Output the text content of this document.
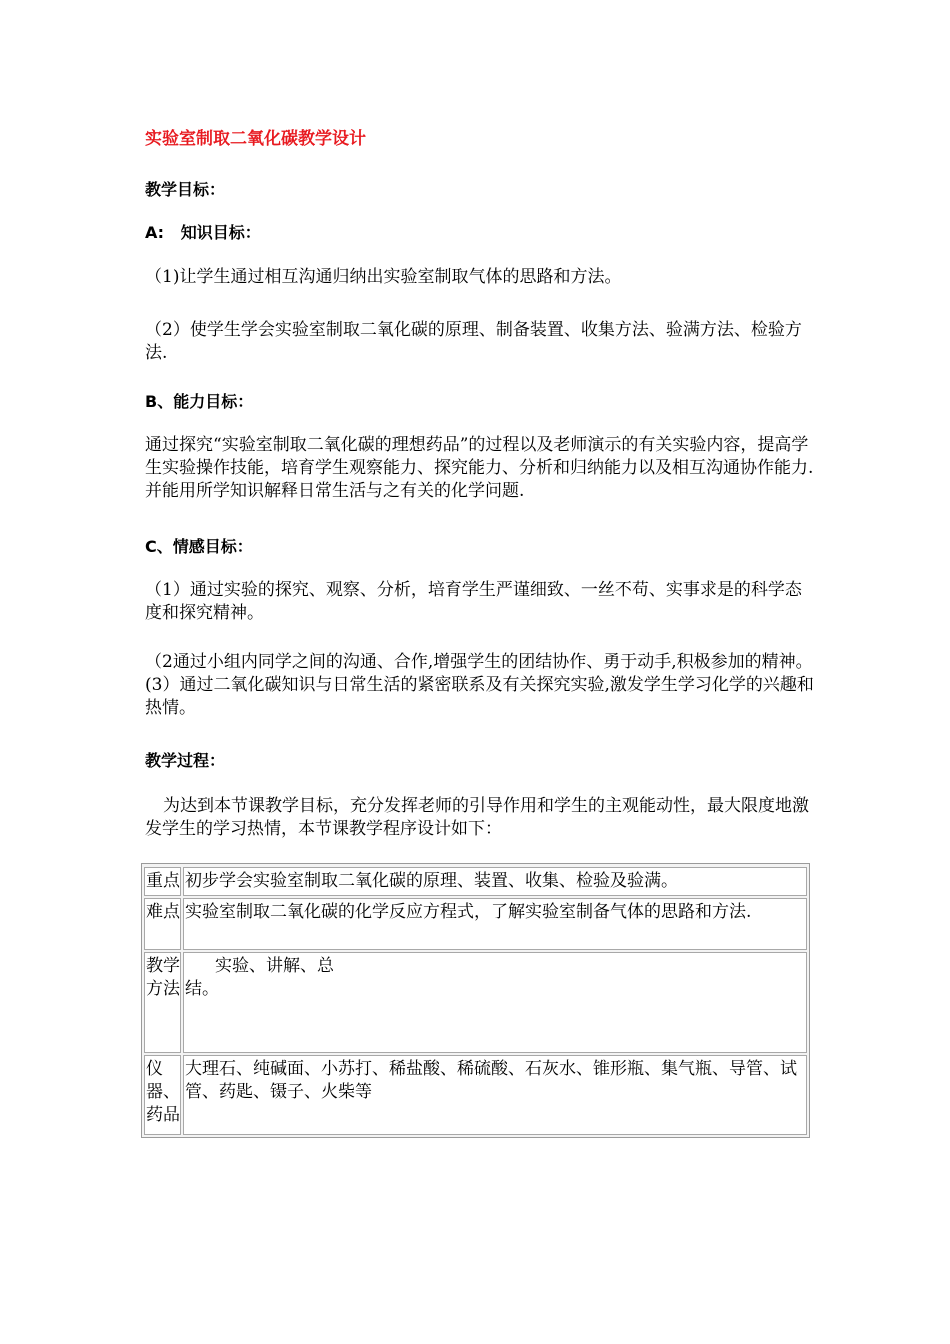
实验室制取二氧化碳教学设计

教学目标：

A:   知识目标：

（1)让学生通过相互沟通归纳出实验室制取气体的思路和方法。

（2）使学生学会实验室制取二氧化碳的原理、制备装置、收集方法、验满方法、检验方法.

B、能力目标：

通过探究“实验室制取二氧化碳的理想药品”的过程以及老师演示的有关实验内容，提高学生实验操作技能，培育学生观察能力、探究能力、分析和归纳能力以及相互沟通协作能力.并能用所学知识解释日常生活与之有关的化学问题.

C、情感目标：

（1）通过实验的探究、观察、分析，培育学生严谨细致、一丝不苟、实事求是的科学态度和探究精神。

（2通过小组内同学之间的沟通、合作,增强学生的团结协作、勇于动手,积极参加的精神。(3）通过二氧化碳知识与日常生活的紧密联系及有关探究实验,激发学生学习化学的兴趣和热情。

教学过程：

为达到本节课教学目标，充分发挥老师的引导作用和学生的主观能动性，最大限度地激发学生的学习热情，本节课教学程序设计如下：

重点 初步学会实验室制取二氧化碳的原理、装置、收集、检验及验满。
难点 实验室制取二氧化碳的化学反应方程式，了解实验室制备气体的思路和方法.
教学方法
实验、讲解、总结。
仪器、药品
大理石、纯碱面、小苏打、稀盐酸、稀硫酸、石灰水、锥形瓶、集气瓶、导管、试管、药匙、镊子、火柴等
